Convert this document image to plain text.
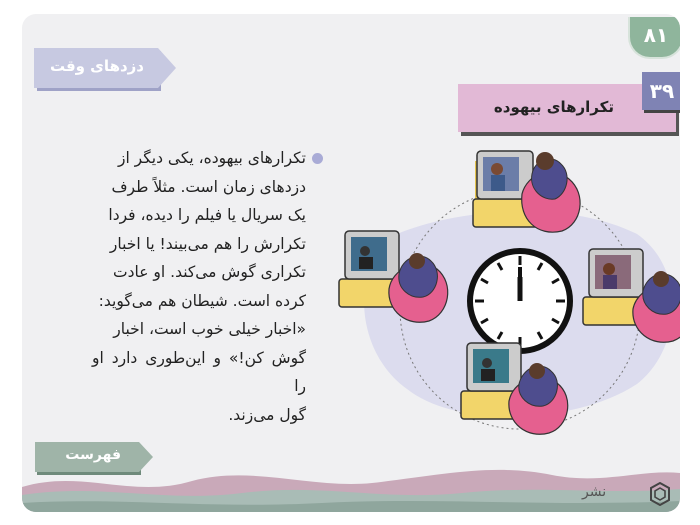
۸۱
دزدهای وقت
تکرارهای بیهوده
۳۹
تکرارهای بیهوده، یکی دیگر از
دزدهای زمان است. مثلاً طرف
یک سریال یا فیلم را دیده، فردا
تکرارش را هم می‌بیند! یا اخبار
تکراری گوش می‌کند. او عادت
کرده است. شیطان هم می‌گوید:
«اخبار خیلی خوب است، اخبار
گوش کن!» و این‌طوری دارد او را
گول می‌زند.
فهرست
نشر
